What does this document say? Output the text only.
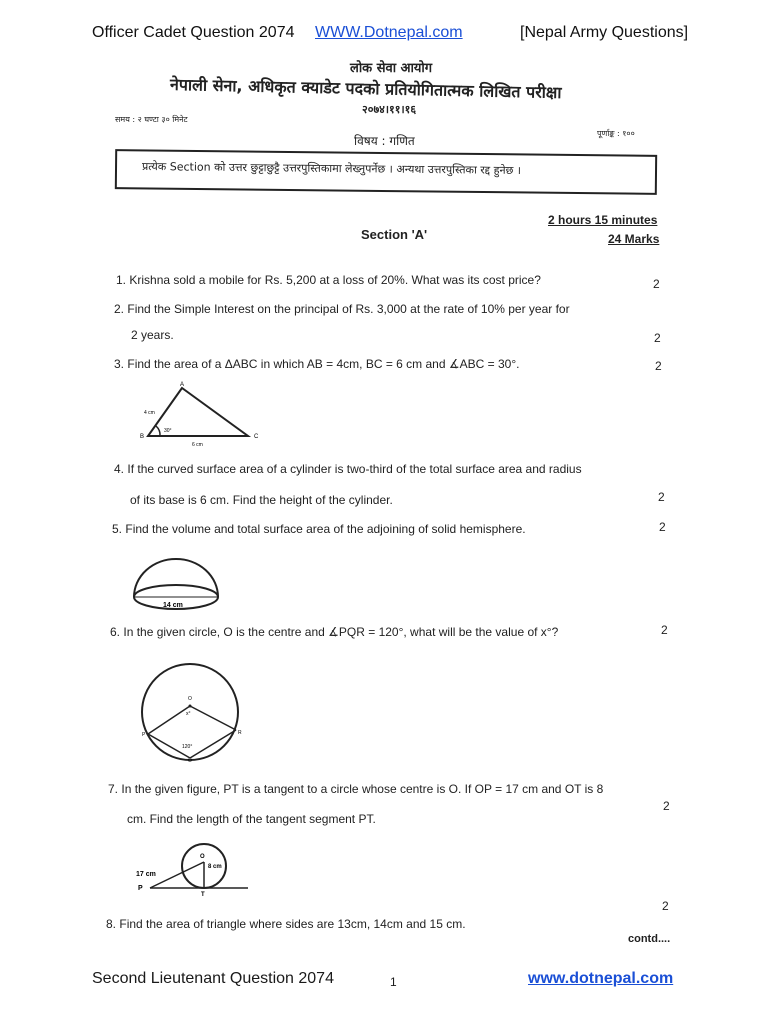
Officer Cadet Question 2074 WWW.Dotnepal.com	[Nepal Army Questions]
लोक सेवा आयोग
नेपाली सेना, अधिकृत क्याडेट पदको प्रतियोगितात्मक लिखित परीक्षा
२०७४।११।१६
समय : २ घण्टा ३० मिनेट
विषय : गणित
पूर्णाङ्क : १००
प्रत्येक Section को उत्तर छुट्टाछुट्टै उत्तरपुस्तिकामा लेख्नुपर्नेछ । अन्यथा उत्तरपुस्तिका रद्द हुनेछ ।
Section 'A'
2 hours 15 minutes
24 Marks
1. Krishna sold a mobile for Rs. 5,200 at a loss of 20%. What was its cost price?	2
2. Find the Simple Interest on the principal of Rs. 3,000 at the rate of 10% per year for
2 years.	2
3. Find the area of a ΔABC in which AB = 4cm, BC = 6 cm and ∡ABC = 30°.	2
A
B	C
4 cm
6 cm
30°
4. If the curved surface area of a cylinder is two-third of the total surface area and radius
of its base is 6 cm. Find the height of the cylinder.	2
5. Find the volume and total surface area of the adjoining of solid hemisphere.	2
14 cm
6. In the given circle, O is the centre and ∡PQR = 120°, what will be the value of x°?	2
O
x°
P	R
Q
120°
7. In the given figure, PT is a tangent to a circle whose centre is O. If OP = 17 cm and OT is 8
cm. Find the length of the tangent segment PT.
2
17 cm
8 cm
O
P
T
8. Find the area of triangle where sides are 13cm, 14cm and 15 cm.
2
contd....
Second Lieutenant Question 2074	1	www.dotnepal.com
